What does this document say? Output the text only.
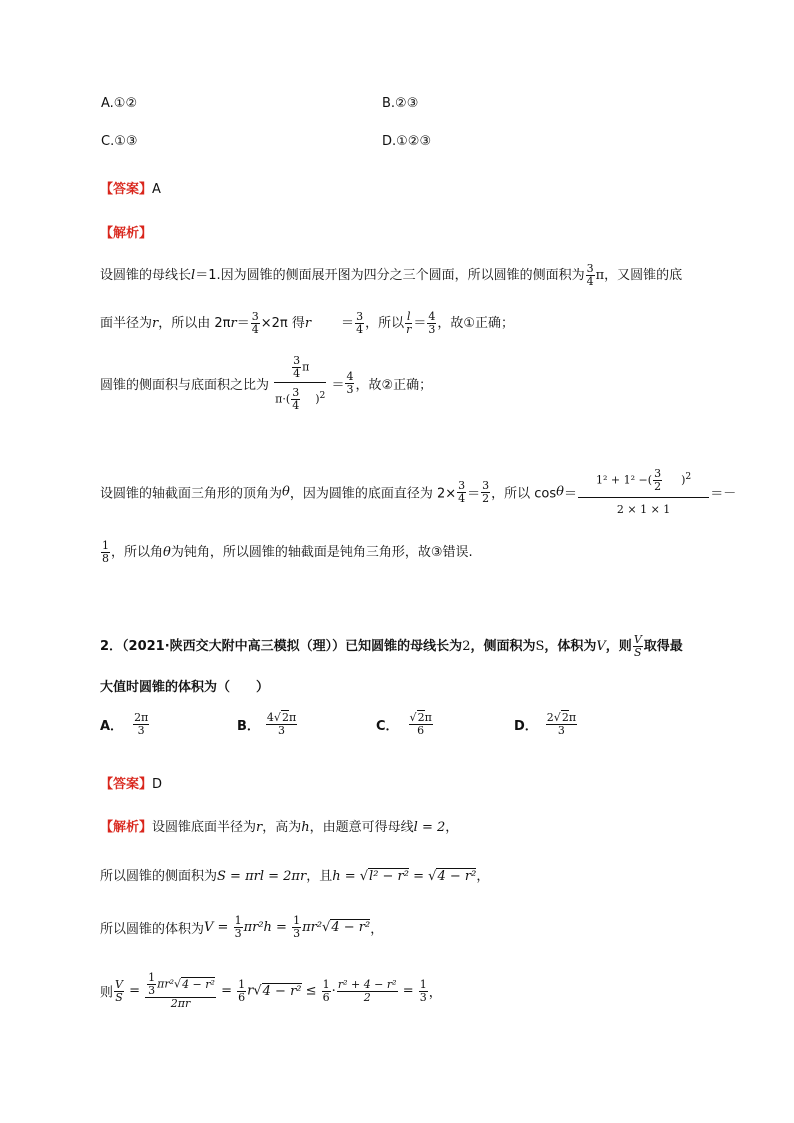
A.①②	B.②③
C.①③	D.①②③
【答案】A
【解析】
设圆锥的母线长l＝1.因为圆锥的侧面展开图为四分之三个圆面，所以圆锥的侧面积为 $\frac{3}{4}$ π，又圆锥的底
面半径为r，所以由 $2\pi r= \frac{3}{4} \times 2\pi$ 得$r = \frac{3}{4}$ ，所以 $\frac{l}{r} = \frac{4}{3}$ ，故①正确；
圆锥的侧面积与底面积之比为 $\frac{\frac{3}{4} \pi}{\pi\cdot( \frac{3}{4} )^2} = \frac{4}{3}$ ，故②正确；
设圆锥的轴截面三角形的顶角为θ，因为圆锥的底面直径为 $2\times \frac{3}{4} = \frac{3}{2}$ ，所以 $\cos\theta= \frac{1^2 + 1^2 -( \frac{3}{2} )^2}{2 \times 1 \times 1}$ ＝－
$\frac{1}{8}$ ，所以角θ为钝角，所以圆锥的轴截面是钝角三角形，故③错误.
2．（2021·陕西交大附中高三模拟（理））已知圆锥的母线长为2，侧面积为S，体积为V，则 $\frac{V}{S}$ 取得最
大值时圆锥的体积为（　　）
A． $\frac{2\pi}{3}$	B． $\frac{4√2\pi}{3}$	C． $\frac{√2\pi}{6}$	D． $\frac{2√2\pi}{3}$
【答案】D
【解析】设圆锥底面半径为r，高为h，由题意可得母线l = 2，
所以圆锥的侧面积为S = πrl = 2πr，且h = √l² − r² = √4 − r²，
所以圆锥的体积为$V = \frac{1}{3} \pi r^2h = \frac{1}{3} \pi r^2√4 - r^2$，
则 $\frac{V}{S} = \frac{\frac{1}{3} \pi r^2√4 - r^2}{2\pi r} = \frac{1}{6} r√4 - r^2 \le \frac{1}{6} \cdot \frac{\text{r² + 4 − r²}}{2} = \frac{1}{3}$ ，
